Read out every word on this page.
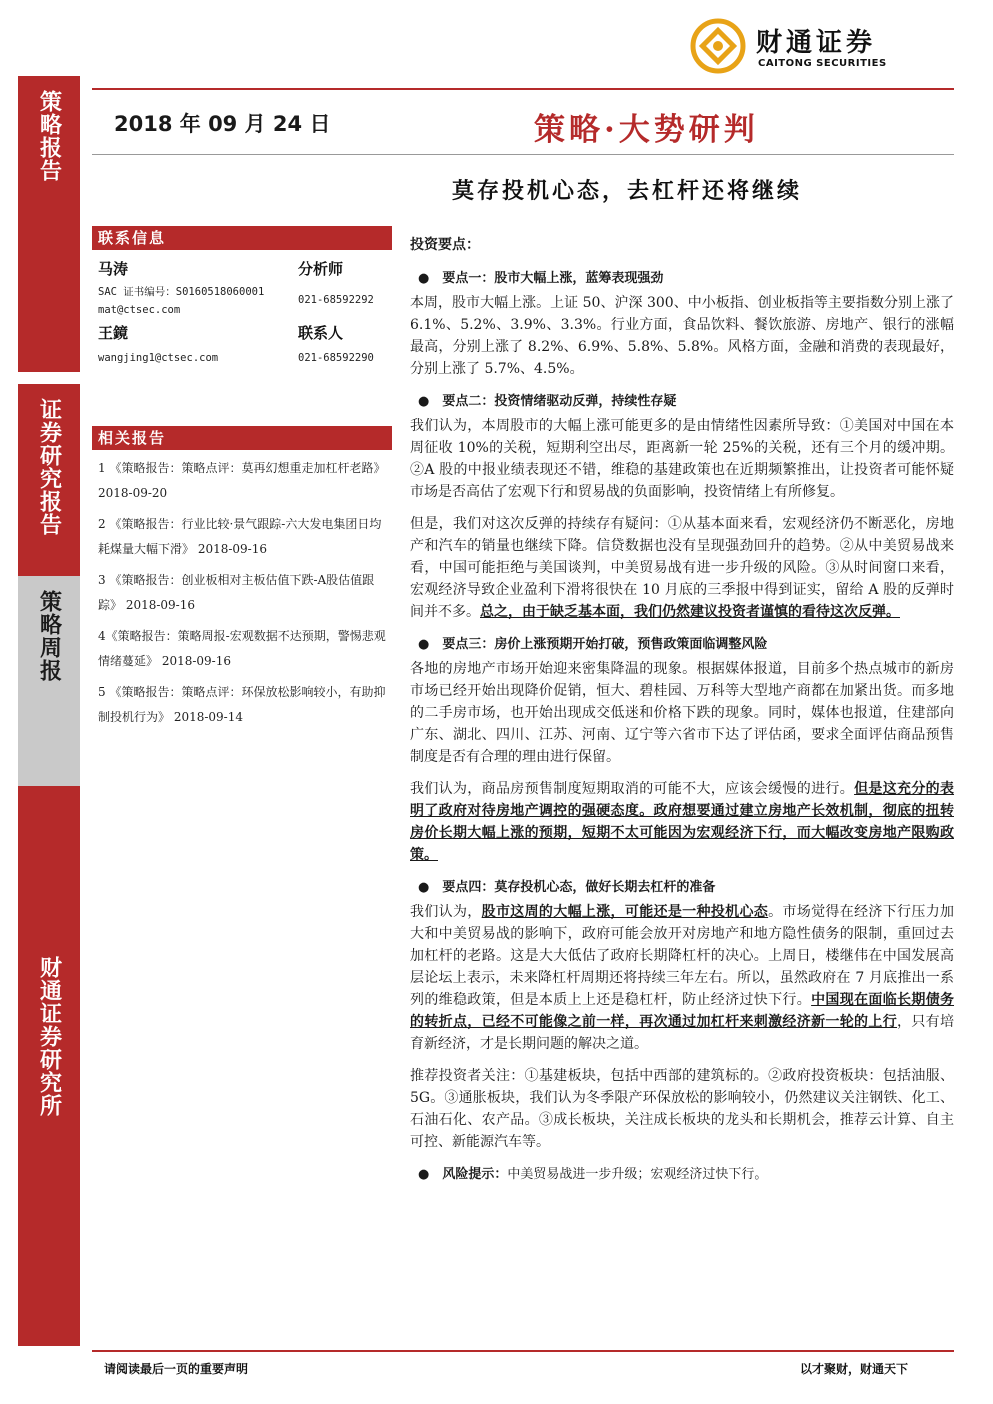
策略报告
证券研究报告
策略周报
财通证券研究所
财通证券
CAITONG SECURITIES
2018 年 09 月 24 日	策略·大势研判
莫存投机心态，去杠杆还将继续
联系信息
马涛	分析师
SAC 证书编号：S0160518060001
021-68592292
mat@ctsec.com
王鏡	联系人
wangjing1@ctsec.com	021-68592290
相关报告

1 《策略报告：策略点评：莫再幻想重走加杠杆老路》 2018-09-20

2 《策略报告：行业比较·景气跟踪-六大发电集团日均耗煤量大幅下滑》 2018-09-16

3 《策略报告：创业板相对主板估值下跌-A股估值跟踪》 2018-09-16

4《策略报告：策略周报-宏观数据不达预期，警惕悲观情绪蔓延》 2018-09-16

5 《策略报告：策略点评：环保放松影响较小，有助抑制投机行为》 2018-09-14

投资要点：
●　要点一：股市大幅上涨，蓝筹表现强劲
本周，股市大幅上涨。上证 50、沪深 300、中小板指、创业板指等主要指数分别上涨了 6.1%、5.2%、3.9%、3.3%。行业方面，食品饮料、餐饮旅游、房地产、银行的涨幅最高，分别上涨了 8.2%、6.9%、5.8%、5.8%。风格方面，金融和消费的表现最好，分别上涨了 5.7%、4.5%。
●　要点二：投资情绪驱动反弹，持续性存疑
我们认为，本周股市的大幅上涨可能更多的是由情绪性因素所导致：①美国对中国在本周征收 10%的关税，短期利空出尽，距离新一轮 25%的关税，还有三个月的缓冲期。②A 股的中报业绩表现还不错，维稳的基建政策也在近期频繁推出，让投资者可能怀疑市场是否高估了宏观下行和贸易战的负面影响，投资情绪上有所修复。
但是，我们对这次反弹的持续存有疑问：①从基本面来看，宏观经济仍不断恶化，房地产和汽车的销量也继续下降。信贷数据也没有呈现强劲回升的趋势。②从中美贸易战来看，中国可能拒绝与美国谈判，中美贸易战有进一步升级的风险。③从时间窗口来看，宏观经济导致企业盈利下滑将很快在 10 月底的三季报中得到证实，留给 A 股的反弹时间并不多。总之，由于缺乏基本面，我们仍然建议投资者谨慎的看待这次反弹。
●　要点三：房价上涨预期开始打破，预售政策面临调整风险
各地的房地产市场开始迎来密集降温的现象。根据媒体报道，目前多个热点城市的新房市场已经开始出现降价促销，恒大、碧桂园、万科等大型地产商都在加紧出货。而多地的二手房市场，也开始出现成交低迷和价格下跌的现象。同时，媒体也报道，住建部向广东、湖北、四川、江苏、河南、辽宁等六省市下达了评估函，要求全面评估商品预售制度是否有合理的理由进行保留。
我们认为，商品房预售制度短期取消的可能不大，应该会缓慢的进行。但是这充分的表明了政府对待房地产调控的强硬态度。政府想要通过建立房地产长效机制，彻底的扭转房价长期大幅上涨的预期，短期不太可能因为宏观经济下行，而大幅改变房地产限购政策。
●　要点四：莫存投机心态，做好长期去杠杆的准备
我们认为，股市这周的大幅上涨，可能还是一种投机心态。市场觉得在经济下行压力加大和中美贸易战的影响下，政府可能会放开对房地产和地方隐性债务的限制，重回过去加杠杆的老路。这是大大低估了政府长期降杠杆的决心。上周日，楼继伟在中国发展高层论坛上表示，未来降杠杆周期还将持续三年左右。所以，虽然政府在 7 月底推出一系列的维稳政策，但是本质上上还是稳杠杆，防止经济过快下行。中国现在面临长期债务的转折点，已经不可能像之前一样，再次通过加杠杆来刺激经济新一轮的上行，只有培育新经济，才是长期问题的解决之道。
推荐投资者关注：①基建板块，包括中西部的建筑标的。②政府投资板块：包括油服、5G。③通胀板块，我们认为冬季限产环保放松的影响较小，仍然建议关注钢铁、化工、石油石化、农产品。③成长板块，关注成长板块的龙头和长期机会，推荐云计算、自主可控、新能源汽车等。
●　风险提示：中美贸易战进一步升级；宏观经济过快下行。
请阅读最后一页的重要声明	以才聚财，财通天下
